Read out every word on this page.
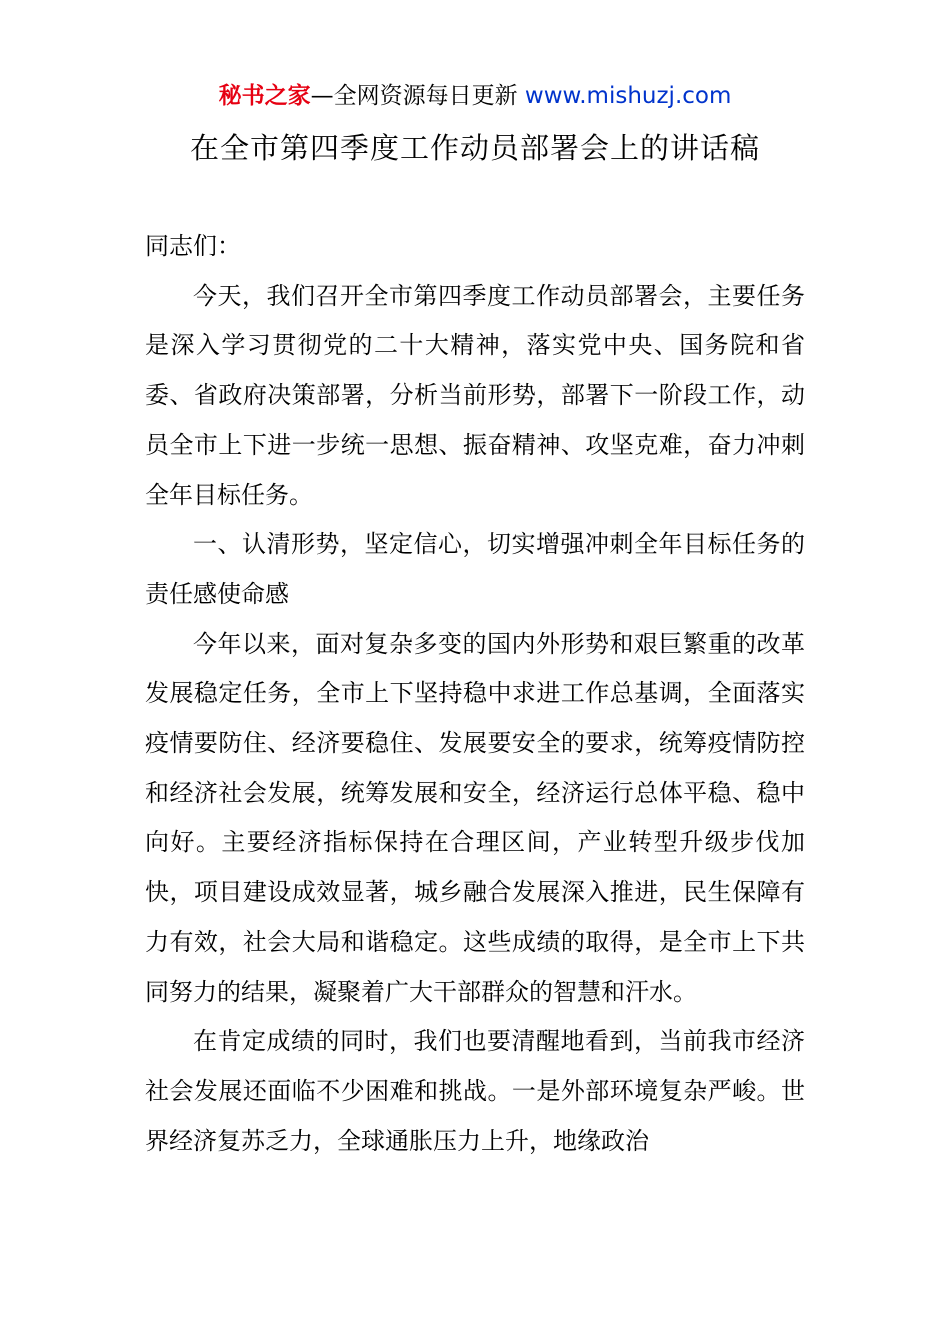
秘书之家—全网资源每日更新 www.mishuzj.com
在全市第四季度工作动员部署会上的讲话稿

同志们：

今天，我们召开全市第四季度工作动员部署会，主要任务是深入学习贯彻党的二十大精神，落实党中央、国务院和省委、省政府决策部署，分析当前形势，部署下一阶段工作，动员全市上下进一步统一思想、振奋精神、攻坚克难，奋力冲刺全年目标任务。

一、认清形势，坚定信心，切实增强冲刺全年目标任务的责任感使命感

今年以来，面对复杂多变的国内外形势和艰巨繁重的改革发展稳定任务，全市上下坚持稳中求进工作总基调，全面落实疫情要防住、经济要稳住、发展要安全的要求，统筹疫情防控和经济社会发展，统筹发展和安全，经济运行总体平稳、稳中向好。主要经济指标保持在合理区间，产业转型升级步伐加快，项目建设成效显著，城乡融合发展深入推进，民生保障有力有效，社会大局和谐稳定。这些成绩的取得，是全市上下共同努力的结果，凝聚着广大干部群众的智慧和汗水。

在肯定成绩的同时，我们也要清醒地看到，当前我市经济社会发展还面临不少困难和挑战。一是外部环境复杂严峻。世界经济复苏乏力，全球通胀压力上升，地缘政治
